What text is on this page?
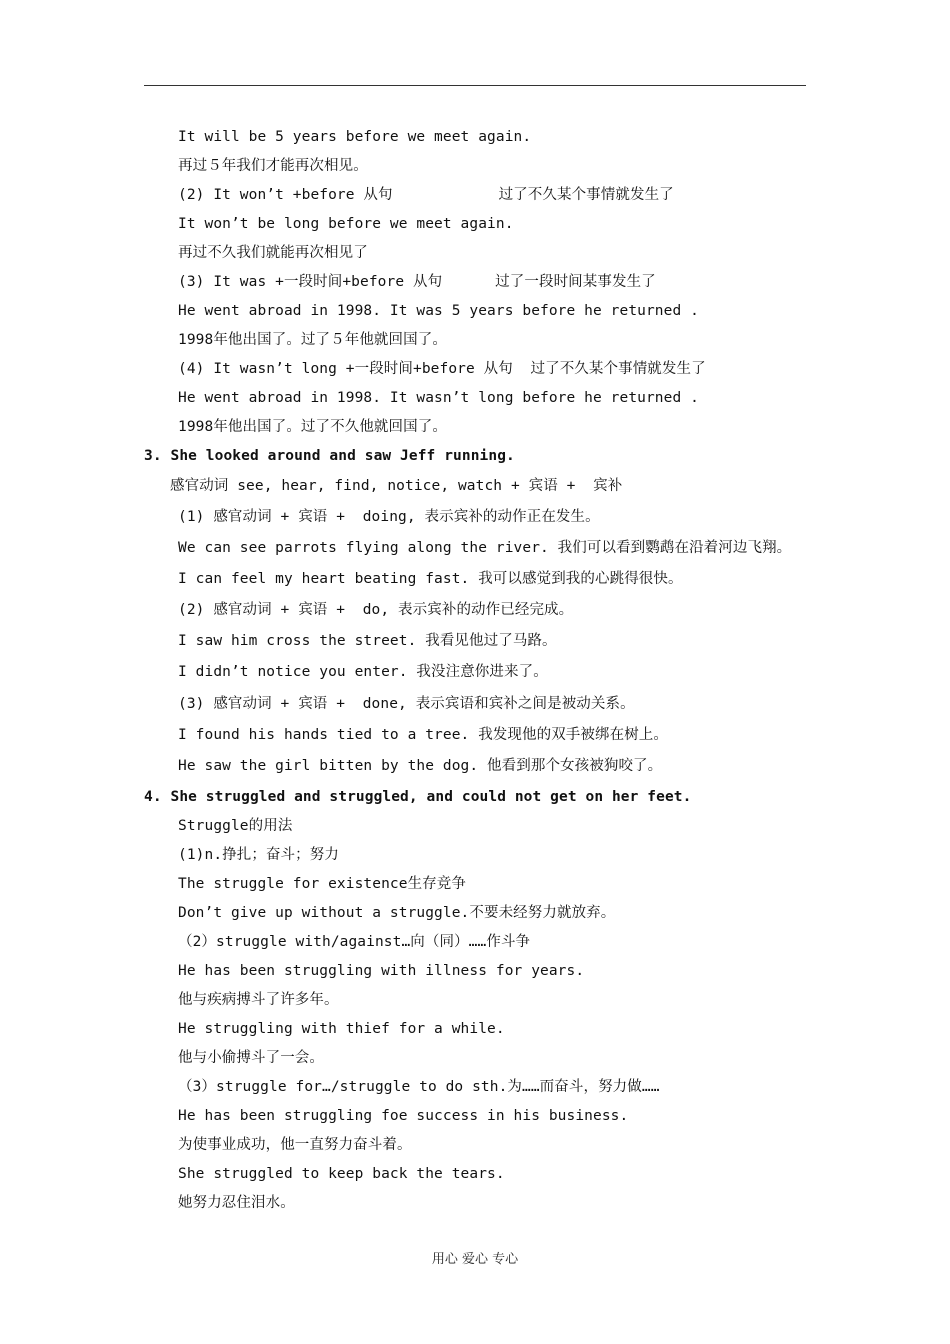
It will be 5 years before we meet again.
再过５年我们才能再次相见。
(2) It won’t +before 从句            过了不久某个事情就发生了
It won’t be long before we meet again.
再过不久我们就能再次相见了
(3) It was +一段时间+before 从句      过了一段时间某事发生了
He went abroad in 1998. It was 5 years before he returned .
1998年他出国了。过了５年他就回国了。
(4) It wasn’t long +一段时间+before 从句  过了不久某个事情就发生了
He went abroad in 1998. It wasn’t long before he returned .
1998年他出国了。过了不久他就回国了。
3. She looked around and saw Jeff running.
感官动词 see, hear, find, notice, watch + 宾语 +  宾补
(1) 感官动词 + 宾语 +  doing, 表示宾补的动作正在发生。
We can see parrots flying along the river. 我们可以看到鹦鹉在沿着河边飞翔。
I can feel my heart beating fast. 我可以感觉到我的心跳得很快。
(2) 感官动词 + 宾语 +  do, 表示宾补的动作已经完成。
I saw him cross the street. 我看见他过了马路。
I didn’t notice you enter. 我没注意你进来了。
(3) 感官动词 + 宾语 +  done, 表示宾语和宾补之间是被动关系。
I found his hands tied to a tree. 我发现他的双手被绑在树上。
He saw the girl bitten by the dog. 他看到那个女孩被狗咬了。
4. She struggled and struggled, and could not get on her feet.
Struggle的用法
(1)n.挣扎；奋斗；努力
The struggle for existence生存竞争
Don’t give up without a struggle.不要未经努力就放弃。
（2）struggle with/against…向（同）……作斗争
He has been struggling with illness for years.
他与疾病搏斗了许多年。
He struggling with thief for a while.
他与小偷搏斗了一会。
（3）struggle for…/struggle to do sth.为……而奋斗，努力做……
He has been struggling foe success in his business.
为使事业成功，他一直努力奋斗着。
She struggled to keep back the tears.
她努力忍住泪水。
用心 爱心 专心
